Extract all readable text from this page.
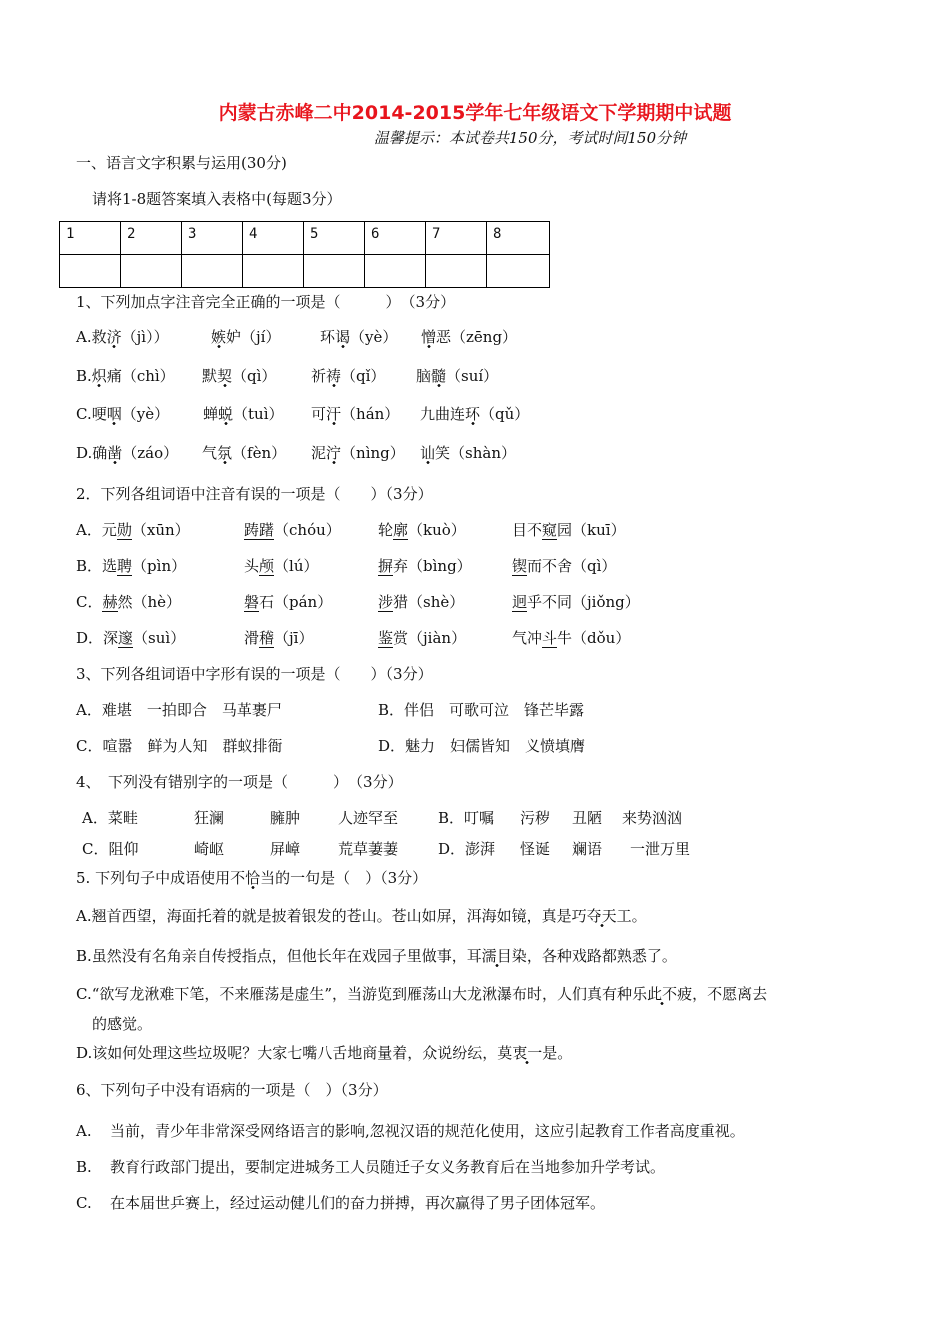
内蒙古赤峰二中2014-2015学年七年级语文下学期期中试题
温馨提示：本试卷共150分，考试时间150分钟
一、语言文字积累与运用(30分)
请将1-8题答案填入表格中(每题3分）
1	2	3	4	5	6	7	8

1、下列加点字注音完全正确的一项是（　　　）　（3分）
A.救济（jì））	嫉妒（jí）	环谒（yè） 憎恶（zēng）
B.炽痛（chì） 默契（qì） 祈祷（qǐ） 脑髓（suí）
C.哽咽（yè） 蝉蜕（tuì） 可汗（hán） 九曲连环（qǔ）
D.确凿（záo） 气氛（fèn） 泥泞（nìng） 讪笑（shàn）
2．下列各组词语中注音有误的一项是（　　）（3分）
A．元勋（xūn）	踌躇（chóu） 轮廓（kuò）	目不窥园（kuī）
B．选聘（pìn）	头颅（lú）	摒弃（bìng）	锲而不舍（qì）
C．赫然（hè）	磐石（pán）	涉猎（shè）	迥乎不同（jiǒng）
D．深邃（suì）	滑稽（jī）	鉴赏（jiàn）	气冲斗牛（dǒu）
3、下列各组词语中字形有误的一项是（　　）（3分）
A．难堪　一拍即合　马革裹尸	B．伴侣　可歌可泣　锋芒毕露
C．喧嚣　鲜为人知　群蚁排衙	D．魅力　妇儒皆知　义愤填膺
4、　下列没有错别字的一项是（　　　）　（3分）
A．菜畦	狂澜	臃肿	人迹罕至	B．叮嘱 污秽 丑陋 来势汹汹
C．阻仰	崎岖	屏嶂	荒草萋萋	D．澎湃 怪诞 斓语 一泄万里
5. 下列句子中成语使用不恰当的一句是（　）（3分）
A.翘首西望，海面托着的就是披着银发的苍山。苍山如屏，洱海如镜，真是巧夺天工。
B.虽然没有名角亲自传授指点，但他长年在戏园子里做事，耳濡目染，各种戏路都熟悉了。
C.“欲写龙湫难下笔，不来雁荡是虚生”，当游览到雁荡山大龙湫瀑布时，人们真有种乐此不疲，不愿离去
的感觉。
D.该如何处理这些垃圾呢？大家七嘴八舌地商量着，众说纷纭，莫衷一是。
6、下列句子中没有语病的一项是（　）（3分）
A. 当前，青少年非常深受网络语言的影响,忽视汉语的规范化使用，这应引起教育工作者高度重视。
B. 教育行政部门提出，要制定进城务工人员随迁子女义务教育后在当地参加升学考试。
C. 在本届世乒赛上，经过运动健儿们的奋力拼搏，再次赢得了男子团体冠军。
